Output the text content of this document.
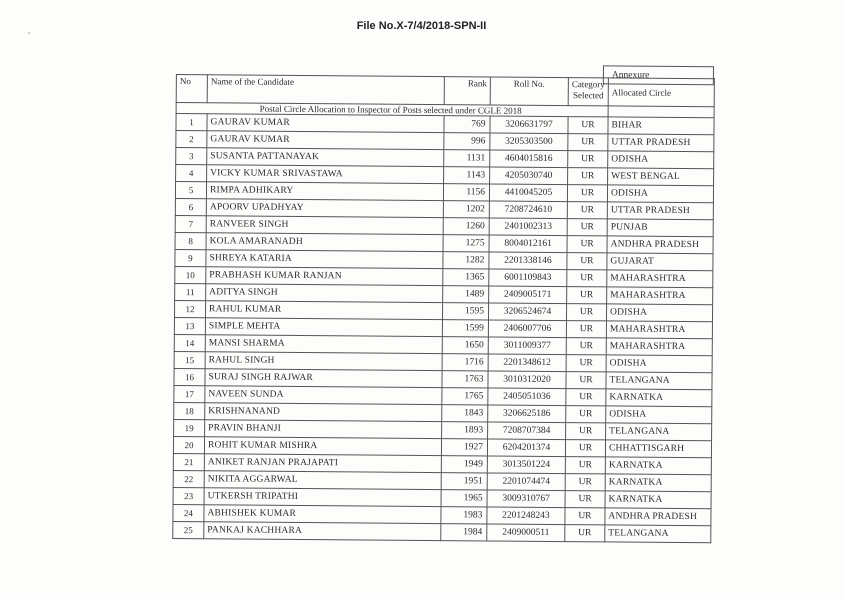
File No.X-7/4/2018-SPN-II
Annexure
Postal Circle Allocation to Inspector of Posts selected under CGLE 2018					
No	Name of the Candidate	Rank	Roll No.	Category Selected	Allocated Circle
1	GAURAV KUMAR	769	3206631797	UR	BIHAR
2	GAURAV KUMAR	996	3205303500	UR	UTTAR PRADESH
3	SUSANTA PATTANAYAK	1131	4604015816	UR	ODISHA
4	VICKY KUMAR SRIVASTAWA	1143	4205030740	UR	WEST BENGAL
5	RIMPA ADHIKARY	1156	4410045205	UR	ODISHA
6	APOORV UPADHYAY	1202	7208724610	UR	UTTAR PRADESH
7	RANVEER SINGH	1260	2401002313	UR	PUNJAB
8	KOLA AMARANADH	1275	8004012161	UR	ANDHRA PRADESH
9	SHREYA KATARIA	1282	2201338146	UR	GUJARAT
10	PRABHASH KUMAR RANJAN	1365	6001109843	UR	MAHARASHTRA
11	ADITYA SINGH	1489	2409005171	UR	MAHARASHTRA
12	RAHUL KUMAR	1595	3206524674	UR	ODISHA
13	SIMPLE MEHTA	1599	2406007706	UR	MAHARASHTRA
14	MANSI SHARMA	1650	3011009377	UR	MAHARASHTRA
15	RAHUL SINGH	1716	2201348612	UR	ODISHA
16	SURAJ SINGH RAJWAR	1763	3010312020	UR	TELANGANA
17	NAVEEN SUNDA	1765	2405051036	UR	KARNATKA
18	KRISHNANAND	1843	3206625186	UR	ODISHA
19	PRAVIN BHANJI	1893	7208707384	UR	TELANGANA
20	ROHIT KUMAR MISHRA	1927	6204201374	UR	CHHATTISGARH
21	ANIKET RANJAN PRAJAPATI	1949	3013501224	UR	KARNATKA
22	NIKITA AGGARWAL	1951	2201074474	UR	KARNATKA
23	UTKERSH TRIPATHI	1965	3009310767	UR	KARNATKA
24	ABHISHEK KUMAR	1983	2201248243	UR	ANDHRA PRADESH
25	PANKAJ KACHHARA	1984	2409000511	UR	TELANGANA
